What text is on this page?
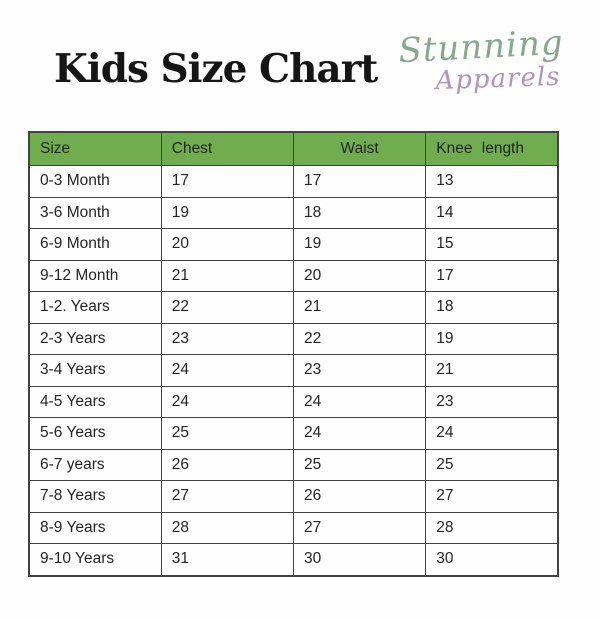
Kids Size Chart Stunning
Apparels
Size	Chest	Waist	Knee length
0-3 Month	17	17	13
3-6 Month	19	18	14
6-9 Month	20	19	15
9-12 Month	21	20	17
1-2. Years	22	21	18
2-3 Years	23	22	19
3-4 Years	24	23	21
4-5 Years	24	24	23
5-6 Years	25	24	24
6-7 years	26	25	25
7-8 Years	27	26	27
8-9 Years	28	27	28
9-10 Years	31	30	30
